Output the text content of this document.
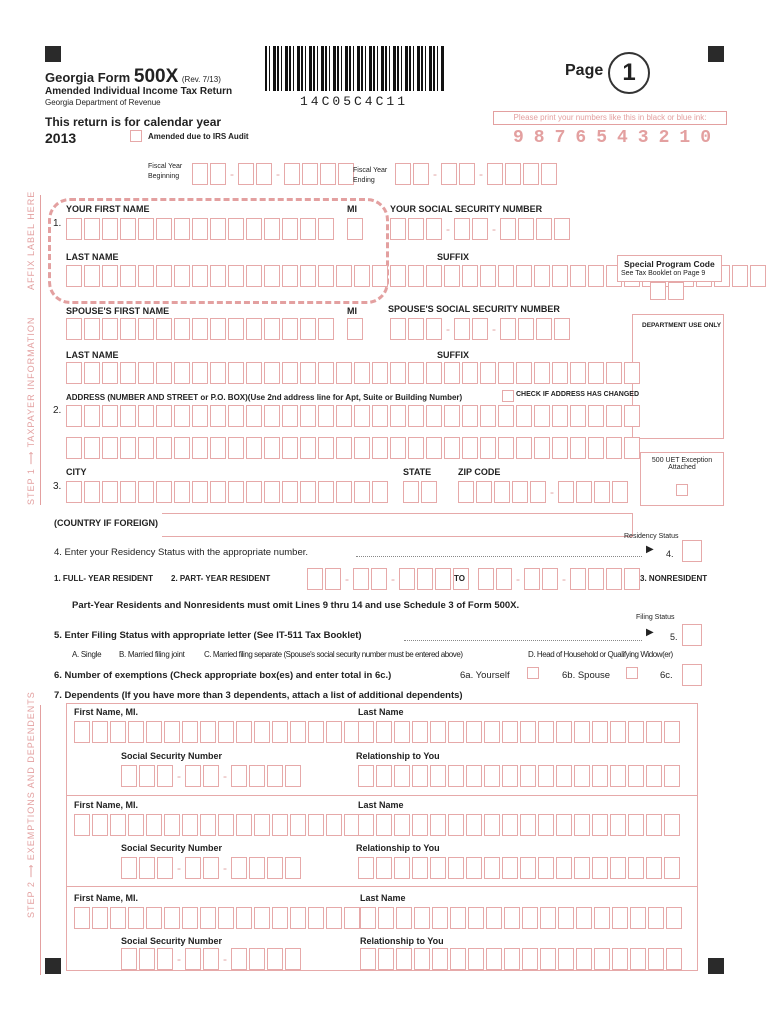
Georgia Form 500X (Rev. 7/13)
Amended Individual Income Tax Return
Georgia Department of Revenue	14C05C4C11
Page 1
This return is for calendar year
2013	Amended due to IRS Audit
Please print your numbers like this in black or blue ink:
9876543210
Fiscal Year
Beginning	-	-	Fiscal Year
Ending	-	-
AFFIX LABEL HERE
STEP 1 ⟶ TAXPAYER INFORMATION
STEP 2 ⟶ EXEMPTIONS AND DEPENDENTS
1.
YOUR FIRST NAME	MI	YOUR SOCIAL SECURITY NUMBER
-	-
LAST NAME	SUFFIX
Special Program Code
See Tax Booklet on Page 9
SPOUSE'S FIRST NAME	MI	SPOUSE'S SOCIAL SECURITY NUMBER
-	-	DEPARTMENT USE ONLY
LAST NAME	SUFFIX
ADDRESS (NUMBER AND STREET or P.O. BOX)(Use 2nd address line for Apt, Suite or Building Number)	CHECK IF ADDRESS HAS CHANGED
2.
CITY	STATE	ZIP CODE
3.	-
500 UET Exception
Attached
(COUNTRY IF FOREIGN)
Residency Status
4. Enter your Residency Status with the appropriate number.	▶ 4.
1. FULL- YEAR RESIDENT 2. PART- YEAR RESIDENT	-	-	TO	-	-	3. NONRESIDENT
Part-Year Residents and Nonresidents must omit Lines 9 thru 14 and use Schedule 3 of Form 500X.
Filing Status
5. Enter Filing Status with appropriate letter (See IT-511 Tax Booklet)	▶ 5.
A. Single B. Married filing joint C. Married filing separate (Spouse's social security number must be entered above)	D. Head of Household or Qualifying Widow(er)
6. Number of exemptions (Check appropriate box(es) and enter total in 6c.)	6a. Yourself	6b. Spouse	6c.
7. Dependents (If you have more than 3 dependents, attach a list of additional dependents)
First Name, MI.	Last Name
Social Security Number	Relationship to You
-	-
First Name, MI.	Last Name
Social Security Number	Relationship to You
-	-
First Name, MI.	Last Name
Social Security Number	Relationship to You
-	-
